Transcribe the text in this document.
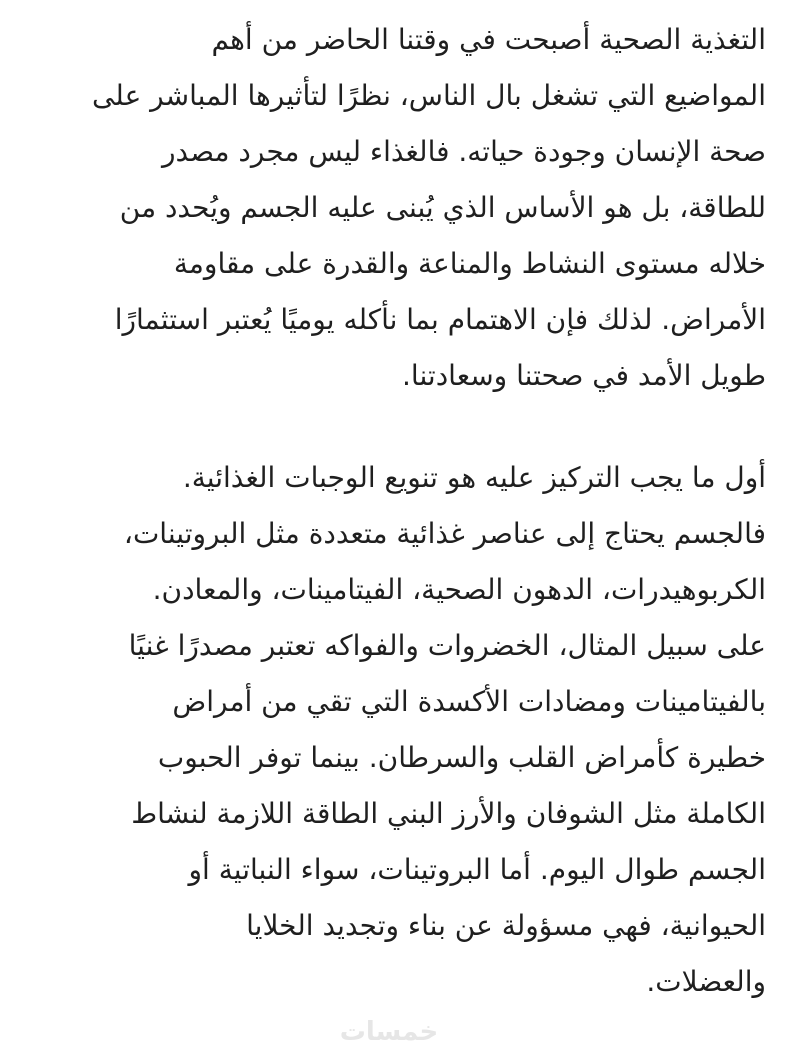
التغذية الصحية أصبحت في وقتنا الحاضر من أهم
المواضيع التي تشغل بال الناس، نظرًا لتأثيرها المباشر على
صحة الإنسان وجودة حياته. فالغذاء ليس مجرد مصدر
للطاقة، بل هو الأساس الذي يُبنى عليه الجسم ويُحدد من
خلاله مستوى النشاط والمناعة والقدرة على مقاومة
الأمراض. لذلك فإن الاهتمام بما نأكله يوميًا يُعتبر استثمارًا
طويل الأمد في صحتنا وسعادتنا.
أول ما يجب التركيز عليه هو تنويع الوجبات الغذائية.
فالجسم يحتاج إلى عناصر غذائية متعددة مثل البروتينات،
الكربوهيدرات، الدهون الصحية، الفيتامينات، والمعادن.
على سبيل المثال، الخضروات والفواكه تعتبر مصدرًا غنيًا
بالفيتامينات ومضادات الأكسدة التي تقي من أمراض
خطيرة كأمراض القلب والسرطان. بينما توفر الحبوب
الكاملة مثل الشوفان والأرز البني الطاقة اللازمة لنشاط
الجسم طوال اليوم. أما البروتينات، سواء النباتية أو
الحيوانية، فهي مسؤولة عن بناء وتجديد الخلايا
والعضلات.
خمسات
